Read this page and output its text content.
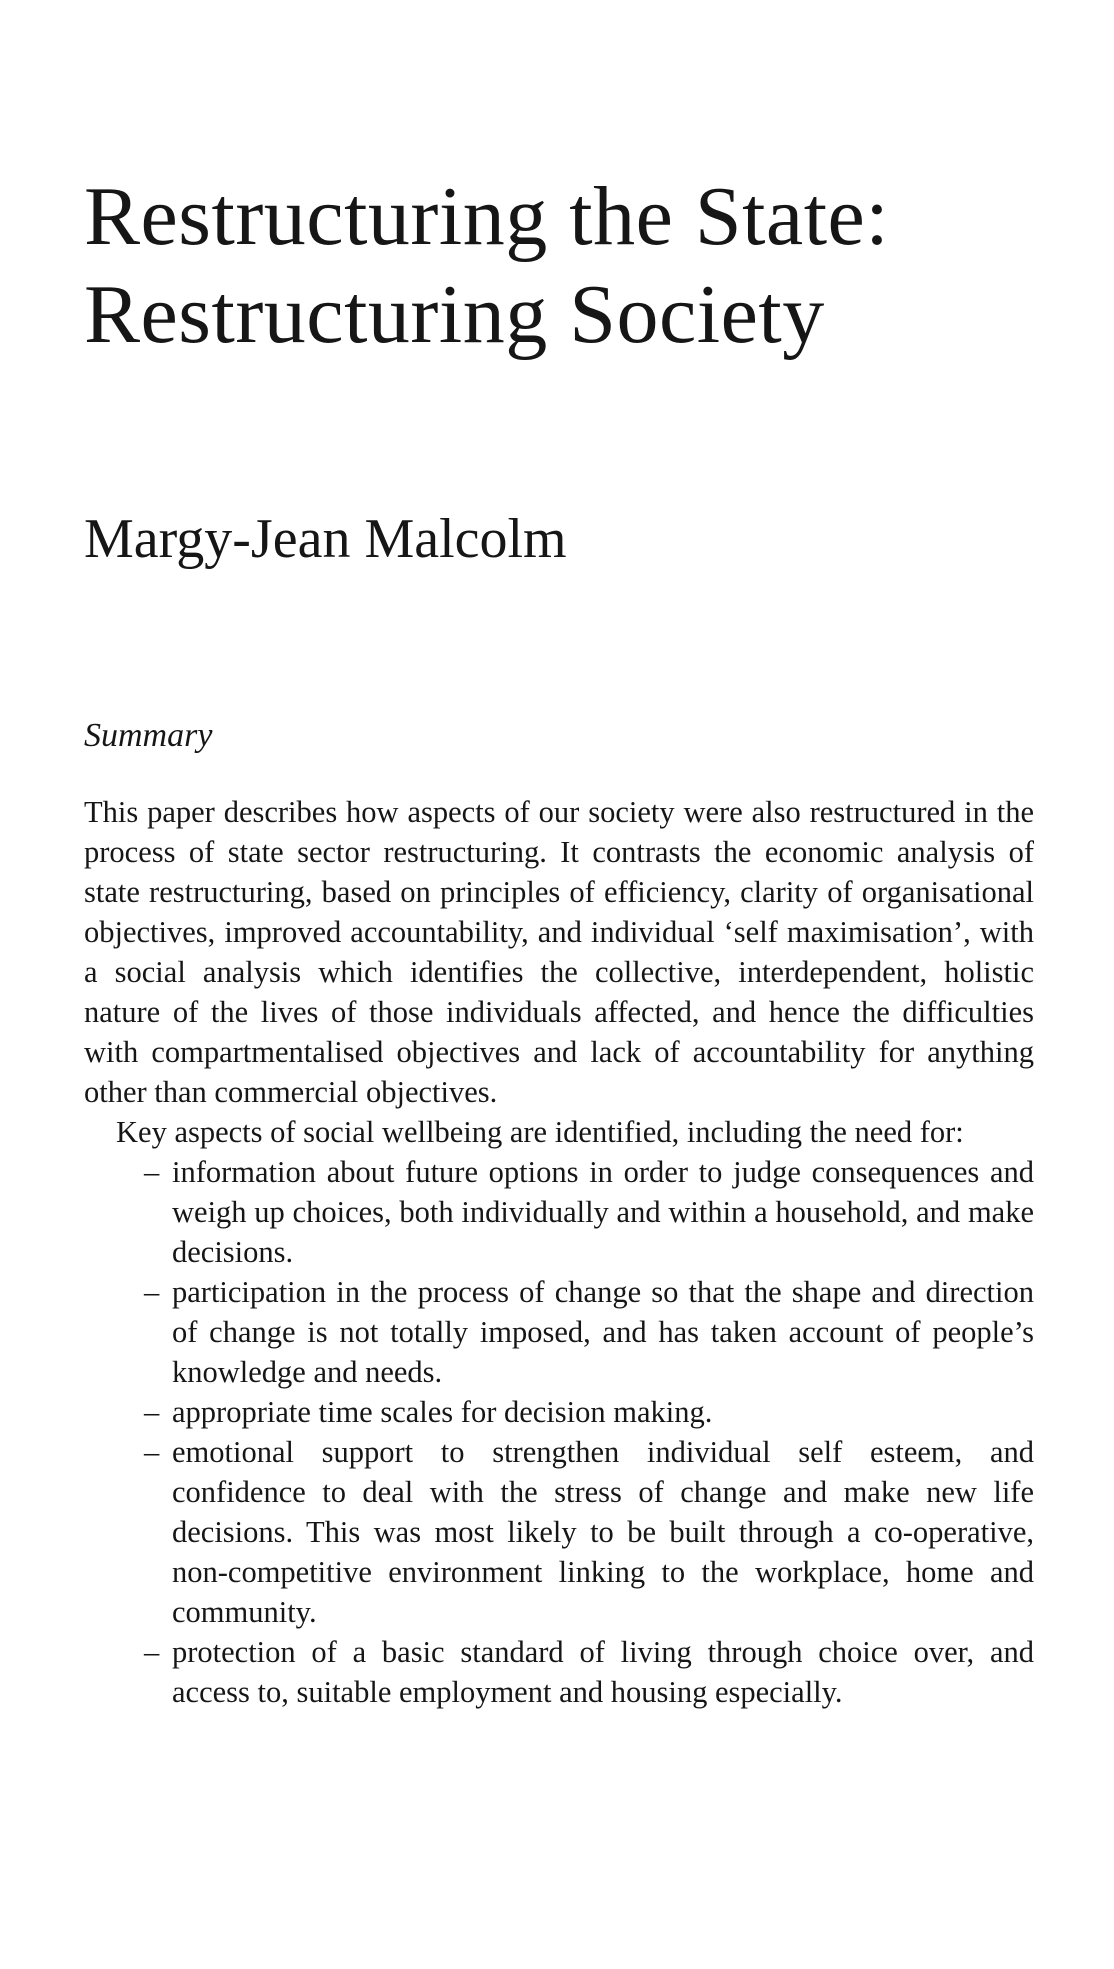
Restructuring the State:
Restructuring Society
Margy-Jean Malcolm
Summary

This paper describes how aspects of our society were also restructured in the process of state sector restructuring. It contrasts the economic analysis of state restructuring, based on principles of efficiency, clarity of organisational objectives, improved accountability, and individual ‘self maximisation’, with a social analysis which identifies the collective, interdependent, holistic nature of the lives of those individuals affected, and hence the difficulties with compartmentalised objectives and lack of accountability for anything other than commercial objectives.

Key aspects of social wellbeing are identified, including the need for:

– information about future options in order to judge consequences and weigh up choices, both individually and within a household, and make decisions.
– participation in the process of change so that the shape and direction of change is not totally imposed, and has taken account of people’s knowledge and needs.
– appropriate time scales for decision making.
– emotional support to strengthen individual self esteem, and confidence to deal with the stress of change and make new life decisions. This was most likely to be built through a co-operative, non-competitive environment linking to the workplace, home and community.
– protection of a basic standard of living through choice over, and access to, suitable employment and housing especially.
